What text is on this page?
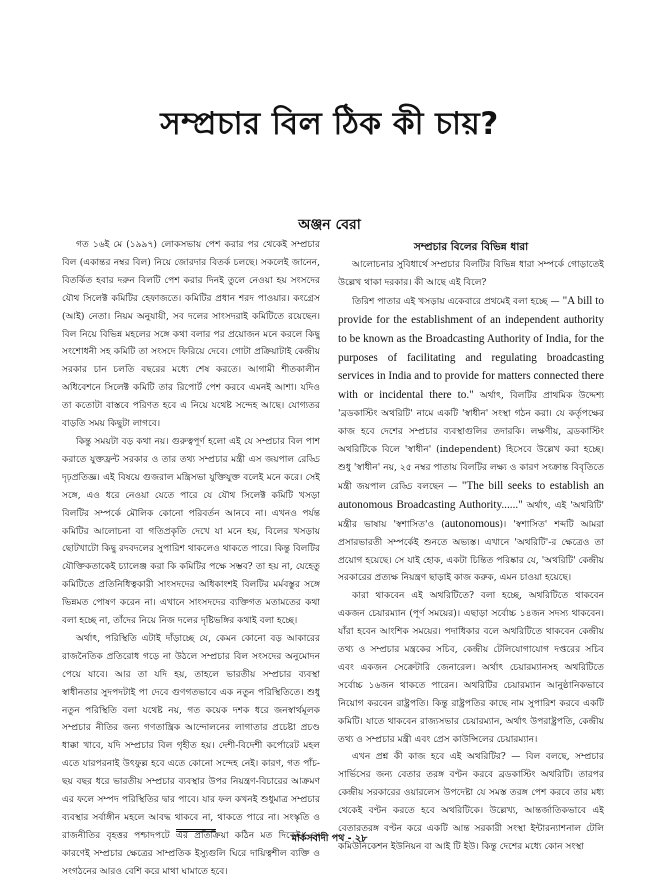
সম্প্রচার বিল ঠিক কী চায়?
অঞ্জন বেরা

গত ১৬ই মে (১৯৯৭) লোকসভায় পেশ করার পর থেকেই সম্প্রচার বিল (একান্তর নম্বর বিল) নিয়ে জোরদার বিতর্ক চলছে। সকলেই জানেন, বিতর্কিত হবার দরুন বিলটি পেশ করার দিনই তুলে নেওয়া হয় সংসদের যৌথ সিলেক্ট কমিটির হেফাজতে। কমিটির প্রধান শরদ পাওয়ার। কংগ্রেস (আই) নেতা। নিয়ম অনুযায়ী, সব দলের সাংসদরাই কমিটিতে রয়েছেন। বিল নিয়ে বিভিন্ন মহলের সঙ্গে কথা বলার পর প্রয়োজন মনে করলে কিছু সংশোধনী সহ কমিটি তা সংসদে ফিরিয়ে দেবে। গোটা প্রক্রিয়াটাই কেন্দ্রীয় সরকার চান চলতি বছরের মধ্যে শেষ করতে। আগামী শীতকালীন অধিবেশনে সিলেক্ট কমিটি তার রিপোর্ট পেশ করবে এমনই আশা। যদিও তা কতোটা বাস্তবে পরিণত হবে এ নিয়ে যথেষ্ট সন্দেহ আছে। যোগ্যতর বাড়তি সময় কিছুটা লাগবে।

কিন্তু সময়টা বড় কথা নয়। গুরুত্বপূর্ণ হলো এই যে সম্প্রচার বিল পাশ করাতে যুক্তফ্রন্ট সরকার ও তার তথ্য সম্প্রচার মন্ত্রী এস জয়পাল রেড্ডি দৃঢ়প্রতিজ্ঞ। এই বিষয়ে গুজরাল মন্ত্রিসভা যুক্তিযুক্ত বলেই মনে করে। সেই সঙ্গে, এও ধরে নেওয়া যেতে পারে যে যৌথ সিলেক্ট কমিটি খসড়া বিলটির সম্পর্কে মৌলিক কোনো পরিবর্তন আনবে না। এখনও পর্যন্ত কমিটির আলোচনা বা গতিপ্রকৃতি দেখে যা মনে হয়, বিলের খসড়ায় ছোটখাটো কিছু রদবদলের সুপারিশ থাকলেও থাকতে পারে। কিন্তু বিলটির যৌক্তিকতাকেই চ্যালেঞ্জ করা কি কমিটির পক্ষে সম্ভব? তা হয় না, যেহেতু কমিটিতে প্রতিনিধিত্বকারী সাংসদদের অধিকাংশই বিলটির মর্মবস্তুর সঙ্গে ভিন্নমত পোষণ করেন না। এখানে সাংসদদের ব্যক্তিগত মতামতের কথা বলা হচ্ছে না, তাঁদের নিয়ে নিজ দলের দৃষ্টিভঙ্গির কথাই বলা হচ্ছে।

অর্থাৎ, পরিস্থিতি এটাই দাঁড়াচ্ছে যে, কেমন কোনো বড় আকারের রাজনৈতিক প্রতিরোধ গড়ে না উঠলে সম্প্রচার বিল সংসদের অনুমোদন পেয়ে যাবে। আর তা যদি হয়, তাহলে ভারতীয় সম্প্রচার ব্যবস্থা স্বাধীনতার সুদপদটাই পা দেবে গুণগতভাবে এক নতুন পরিস্থিতিতে। শুধু নতুন পরিস্থিতি বলা যথেষ্ট নয়, গত কয়েক দশক ধরে জনস্বার্থমূলক সম্প্রচার নীতির জন্য গণতান্ত্রিক আন্দোলনের লাগাতার প্রচেষ্টা প্রচণ্ড ধাক্কা খাবে, যদি সম্প্রচার বিল গৃহীত হয়। দেশী-বিদেশী কর্পোরেট মহল এতে যারপরনাই উৎফুল্ল হবে এতে কোনো সন্দেহ নেই। কারণ, গত পাঁচ-ছয় বছর ধরে ভারতীয় সম্প্রচার ব্যবস্থার উপর নিয়ন্ত্রণ-বিচারের আক্রমণ এর ফলে সম্পদ পরিস্থিতির দ্বার পাবে। যার ফল কখনই শুধুমাত্র সম্প্রচার ব্যবস্থার সর্বাঙ্গীন মহলে আবদ্ধ থাকবে না, থাকতে পারে না। সংস্কৃতি ও রাজনীতির বৃহত্তর পশ্চাদপটে এর প্রতিক্রিয়া কঠিন মত দিকেই। সে কারণেই সম্প্রচার ক্ষেত্রের সাম্প্রতিক ইস্যুগুলি ঘিরে দায়িত্বশীল ব্যক্তি ও সংগঠনের আরও বেশি করে মাথা ঘামাতে হবে।

সম্প্রচার বিলের বিভিন্ন ধারা

আলোচনার সুবিধার্থে সম্প্রচার বিলটির বিভিন্ন ধারা সম্পর্কে গোড়াতেই উল্লেখ থাকা দরকার। কী আছে এই বিলে?

তিরিশ পাতার এই খসড়ায় একেবারে প্রথমেই বলা হচ্ছে — "A bill to provide for the establishment of an independent authority to be known as the Broadcasting Authority of India, for the purposes of facilitating and regulating broadcasting services in India and to provide for matters connected there with or incidental there to." অর্থাৎ, বিলটির প্রাথমিক উদ্দেশ্য 'ব্রডকাস্টিং অথরিটি' নামে একটি 'স্বাধীন' সংস্থা গঠন করা। যে কর্তৃপক্ষের কাজ হবে দেশের সম্প্রচার ব্যবস্থাগুলির তদারকি। লক্ষণীয়, ব্রডকাস্টিং অথরিটিকে বিলে 'স্বাধীন' (independent) হিসেবে উল্লেখ করা হচ্ছে। শুধু 'স্বাধীন' নয়, ২৫ নম্বর পাতায় বিলটির লক্ষ্য ও কারণ সংক্রান্ত বিবৃতিতে মন্ত্রী জয়পাল রেড্ডি বলছেন — "The bill seeks to establish an autonomous Broadcasting Authority......" অর্থাৎ, এই 'অথরিটি' মন্ত্রীর ভাষায় 'স্বশাসিত'ও (autonomous)। 'স্বশাসিত' শব্দটি আমরা প্রসারভারতী সম্পর্কেই শুনতে অভ্যস্ত। এখানে 'অথরিটি'-র ক্ষেত্রেও তা প্রয়োগ হয়েছে। সে যাই হোক, একটা চিন্তিত পরিষ্কার যে, 'অথরিটি' কেন্দ্রীয় সরকারের প্রত্যক্ষ নিয়ন্ত্রণ ছাড়াই কাজ করুক, এমন চাওয়া হয়েছে।

কারা থাকবেন এই অথরিটিতে? বলা হচ্ছে, অথরিটিতে থাকবেন একজন চেয়ারম্যান (পূর্ণ সময়ের)। এছাড়া সর্বোচ্চ ১৪জন সদস্য থাকবেন। যাঁরা হবেন আংশিক সময়ের। পদাধিকার বলে অথরিটিতে থাকবেন কেন্দ্রীয় তথ্য ও সম্প্রচার মন্ত্রকের সচিব, কেন্দ্রীয় টেলিযোগাযোগ দপ্তরের সচিব এবং একজন সেক্রেটারি জেনারেল। অর্থাৎ চেয়ারম্যানসহ অথরিটিতে সর্বোচ্চ ১৬জন থাকতে পারেন। অথরিটির চেয়ারম্যান আনুষ্ঠানিকভাবে নিয়োগ করবেন রাষ্ট্রপতি। কিন্তু রাষ্ট্রপতির কাছে নাম সুপারিশ করবে একটি কমিটি। যাতে থাকবেন রাজ্যসভার চেয়ারম্যান, অর্থাৎ উপরাষ্ট্রপতি, কেন্দ্রীয় তথ্য ও সম্প্রচার মন্ত্রী এবং প্রেস কাউন্সিলের চেয়ারম্যান।

এখন প্রশ্ন কী কাজ হবে এই অথরিটির? — বিল বলছে, সম্প্রচার সার্ভিসের জন্য বেতার তরঙ্গ বণ্টন করবে ব্রডকাস্টিং অথরিটি। তারপর কেন্দ্রীয় সরকারের ওয়ারলেস উপদেষ্টা যে সমস্ত তরঙ্গ পেশ করবে তার মধ্য থেকেই বণ্টন করতে হবে অথরিটিকে। উল্লেখ্য, আন্তর্জাতিকভাবে এই বেতারতরঙ্গ বণ্টন করে একটি আন্ত সরকারী সংস্থা ইন্টারন্যাশনাল টেলি কমিউনিকেশন ইউনিয়ন বা আই টি ইউ। কিন্তু দেশের মধ্যে কোন সংস্থা

মার্কসবাদী পথ - ২৮
